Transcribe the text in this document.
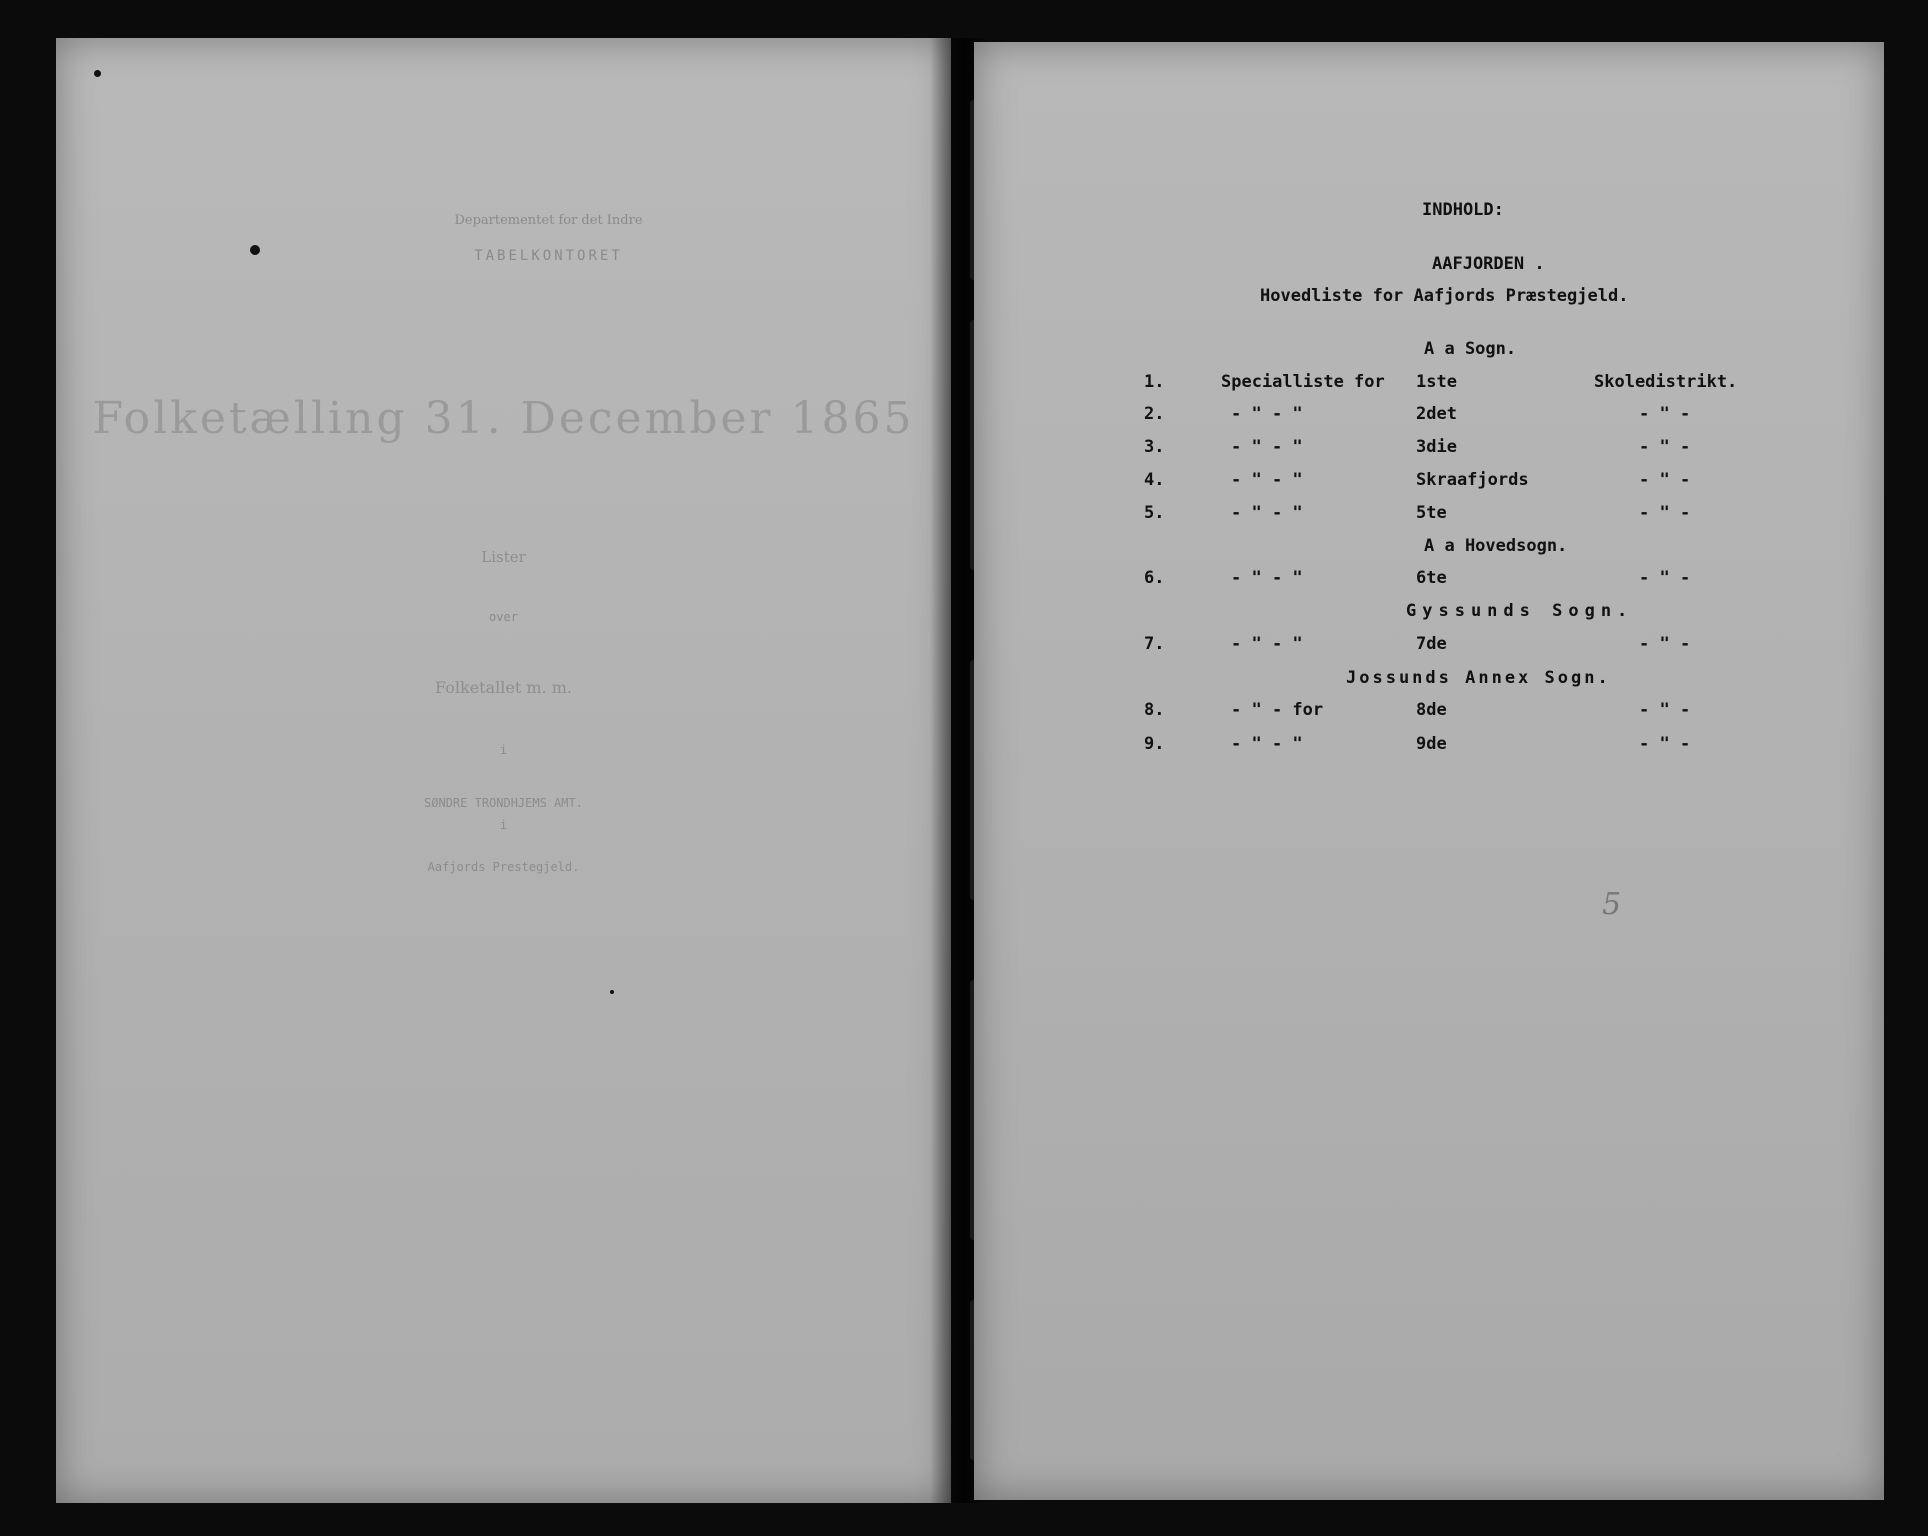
Departementet for det Indre
TABELKONTORET
Folketælling 31. December 1865
Lister
over
Folketallet m. m.
i
SØNDRE TRONDHJEMS AMT.
i
Aafjords Prestegjeld.
INDHOLD:
AAFJORDEN .
Hovedliste for Aafjords Præstegjeld.
A a Sogn.
1.	Specialliste for 1ste	Skoledistrikt.
2.	- " - "	2det	- " -
3.	- " - "	3die	- " -
4.	- " - "	Skraafjords	- " -
5.	- " - "	5te	- " -
A a Hovedsogn.
6.	- " - "	6te	- " -
Gyssunds Sogn.
7.	- " - "	7de	- " -
Jossunds Annex Sogn.
8.	- " - for	8de	- " -
9.	- " - "	9de	- " -
5
